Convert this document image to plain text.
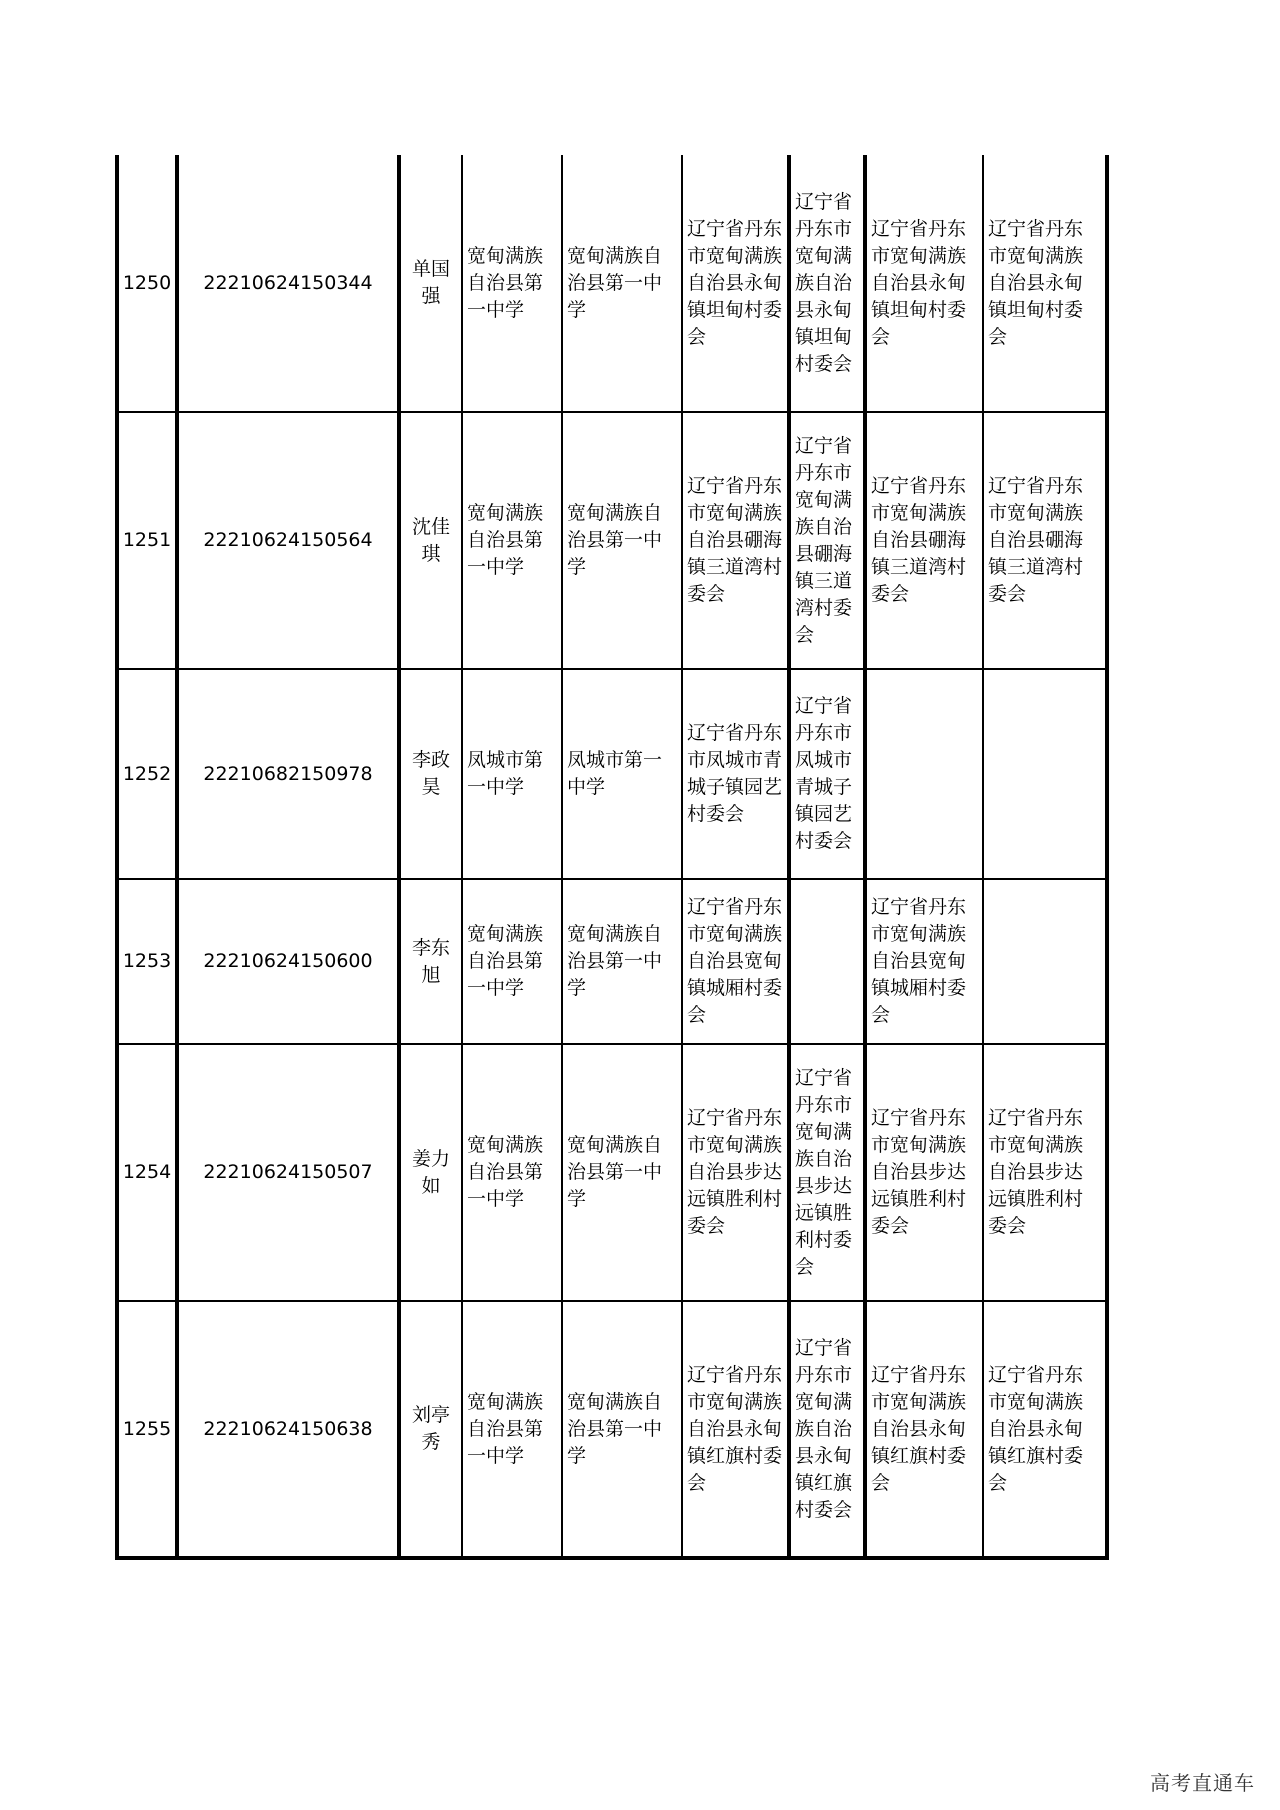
1250	22210624150344	单国强	宽甸满族自治县第一中学	宽甸满族自治县第一中学	辽宁省丹东市宽甸满族自治县永甸镇坦甸村委会	辽宁省丹东市宽甸满族自治县永甸镇坦甸村委会	辽宁省丹东市宽甸满族自治县永甸镇坦甸村委会	辽宁省丹东市宽甸满族自治县永甸镇坦甸村委会
1251	22210624150564	沈佳琪	宽甸满族自治县第一中学	宽甸满族自治县第一中学	辽宁省丹东市宽甸满族自治县硼海镇三道湾村委会	辽宁省丹东市宽甸满族自治县硼海镇三道湾村委会	辽宁省丹东市宽甸满族自治县硼海镇三道湾村委会	辽宁省丹东市宽甸满族自治县硼海镇三道湾村委会
1252	22210682150978	李政昊	凤城市第一中学	凤城市第一中学	辽宁省丹东市凤城市青城子镇园艺村委会	辽宁省丹东市凤城市青城子镇园艺村委会		
1253	22210624150600	李东旭	宽甸满族自治县第一中学	宽甸满族自治县第一中学	辽宁省丹东市宽甸满族自治县宽甸镇城厢村委会		辽宁省丹东市宽甸满族自治县宽甸镇城厢村委会	
1254	22210624150507	姜力如	宽甸满族自治县第一中学	宽甸满族自治县第一中学	辽宁省丹东市宽甸满族自治县步达远镇胜利村委会	辽宁省丹东市宽甸满族自治县步达远镇胜利村委会	辽宁省丹东市宽甸满族自治县步达远镇胜利村委会	辽宁省丹东市宽甸满族自治县步达远镇胜利村委会
1255	22210624150638	刘亭秀	宽甸满族自治县第一中学	宽甸满族自治县第一中学	辽宁省丹东市宽甸满族自治县永甸镇红旗村委会	辽宁省丹东市宽甸满族自治县永甸镇红旗村委会	辽宁省丹东市宽甸满族自治县永甸镇红旗村委会	辽宁省丹东市宽甸满族自治县永甸镇红旗村委会
高考直通车
